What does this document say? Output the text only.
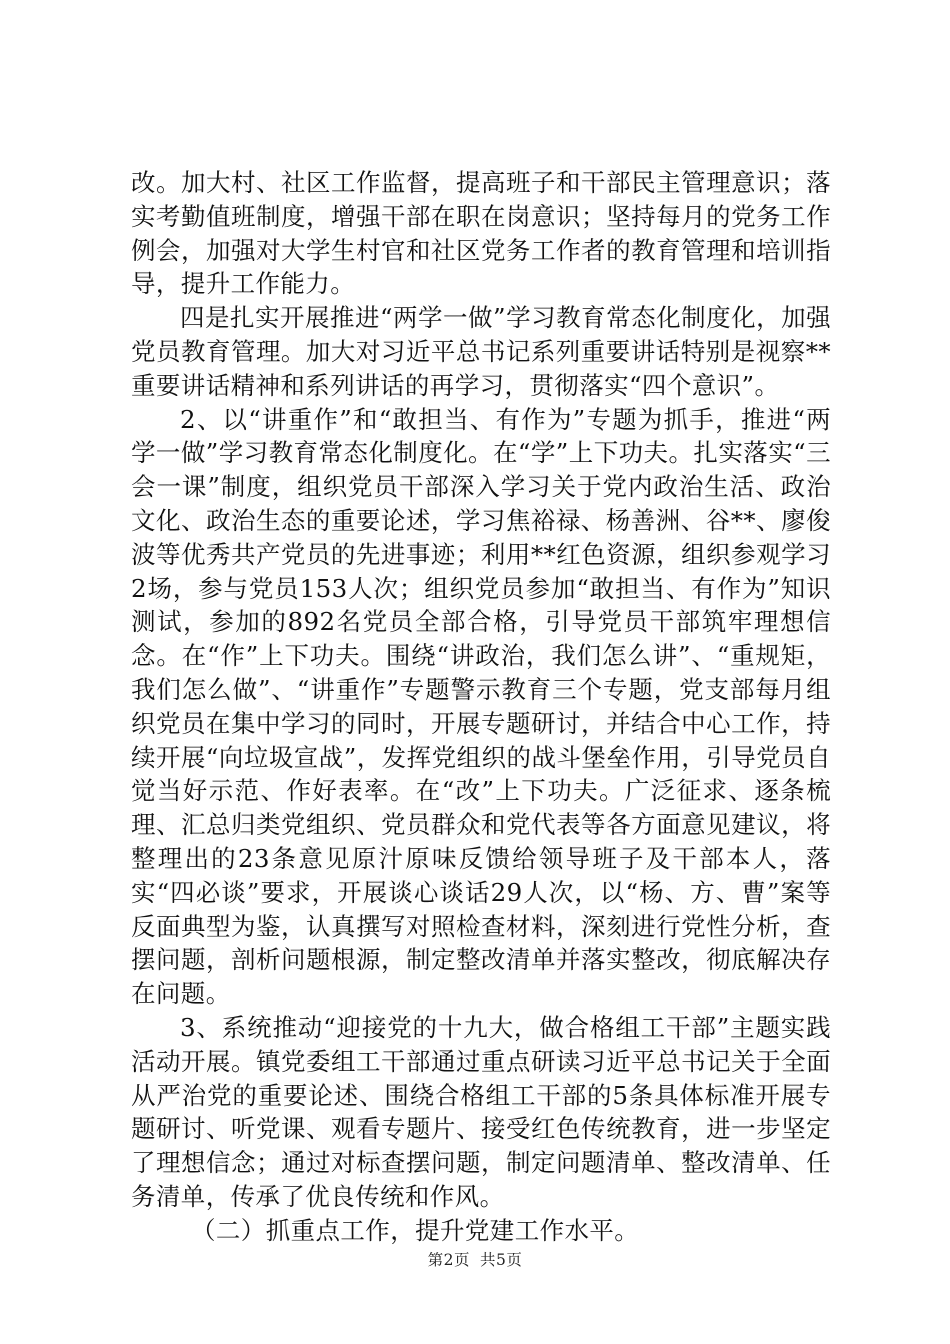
改。加大村、社区工作监督，提高班子和干部民主管理意识；落实考勤值班制度，增强干部在职在岗意识；坚持每月的党务工作例会，加强对大学生村官和社区党务工作者的教育管理和培训指导，提升工作能力。

四是扎实开展推进“两学一做”学习教育常态化制度化，加强党员教育管理。加大对习近平总书记系列重要讲话特别是视察**重要讲话精神和系列讲话的再学习，贯彻落实“四个意识”。

2、以“讲重作”和“敢担当、有作为”专题为抓手，推进“两学一做”学习教育常态化制度化。在“学”上下功夫。扎实落实“三会一课”制度，组织党员干部深入学习关于党内政治生活、政治文化、政治生态的重要论述，学习焦裕禄、杨善洲、谷**、廖俊波等优秀共产党员的先进事迹；利用**红色资源，组织参观学习2场，参与党员153人次；组织党员参加“敢担当、有作为”知识测试，参加的892名党员全部合格，引导党员干部筑牢理想信念。在“作”上下功夫。围绕“讲政治，我们怎么讲”、“重规矩，我们怎么做”、“讲重作”专题警示教育三个专题，党支部每月组织党员在集中学习的同时，开展专题研讨，并结合中心工作，持续开展“向垃圾宣战”，发挥党组织的战斗堡垒作用，引导党员自觉当好示范、作好表率。在“改”上下功夫。广泛征求、逐条梳理、汇总归类党组织、党员群众和党代表等各方面意见建议，将整理出的23条意见原汁原味反馈给领导班子及干部本人，落实“四必谈”要求，开展谈心谈话29人次，以“杨、方、曹”案等反面典型为鉴，认真撰写对照检查材料，深刻进行党性分析，查摆问题，剖析问题根源，制定整改清单并落实整改，彻底解决存在问题。

3、系统推动“迎接党的十九大，做合格组工干部”主题实践活动开展。镇党委组工干部通过重点研读习近平总书记关于全面从严治党的重要论述、围绕合格组工干部的5条具体标准开展专题研讨、听党课、观看专题片、接受红色传统教育，进一步坚定了理想信念；通过对标查摆问题，制定问题清单、整改清单、任务清单，传承了优良传统和作风。

（二）抓重点工作，提升党建工作水平。

第2页 共5页
